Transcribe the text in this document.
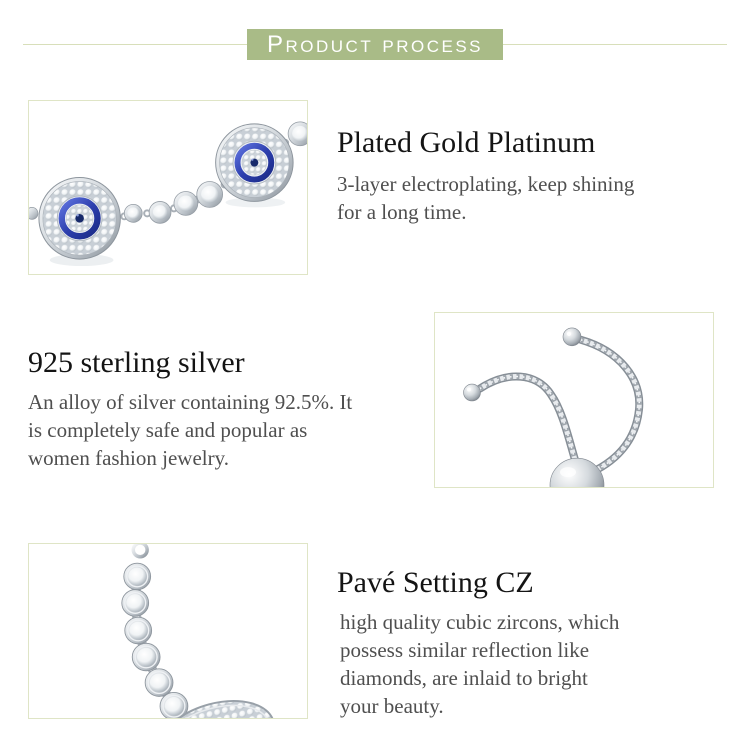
Product process
Plated Gold Platinum
3-layer electroplating, keep shining
for a long time.
925 sterling silver
An alloy of silver containing 92.5%. It
is completely safe and popular as
women fashion jewelry.
Pavé Setting CZ
high quality cubic zircons, which
possess similar reflection like
diamonds, are inlaid to bright
your beauty.
